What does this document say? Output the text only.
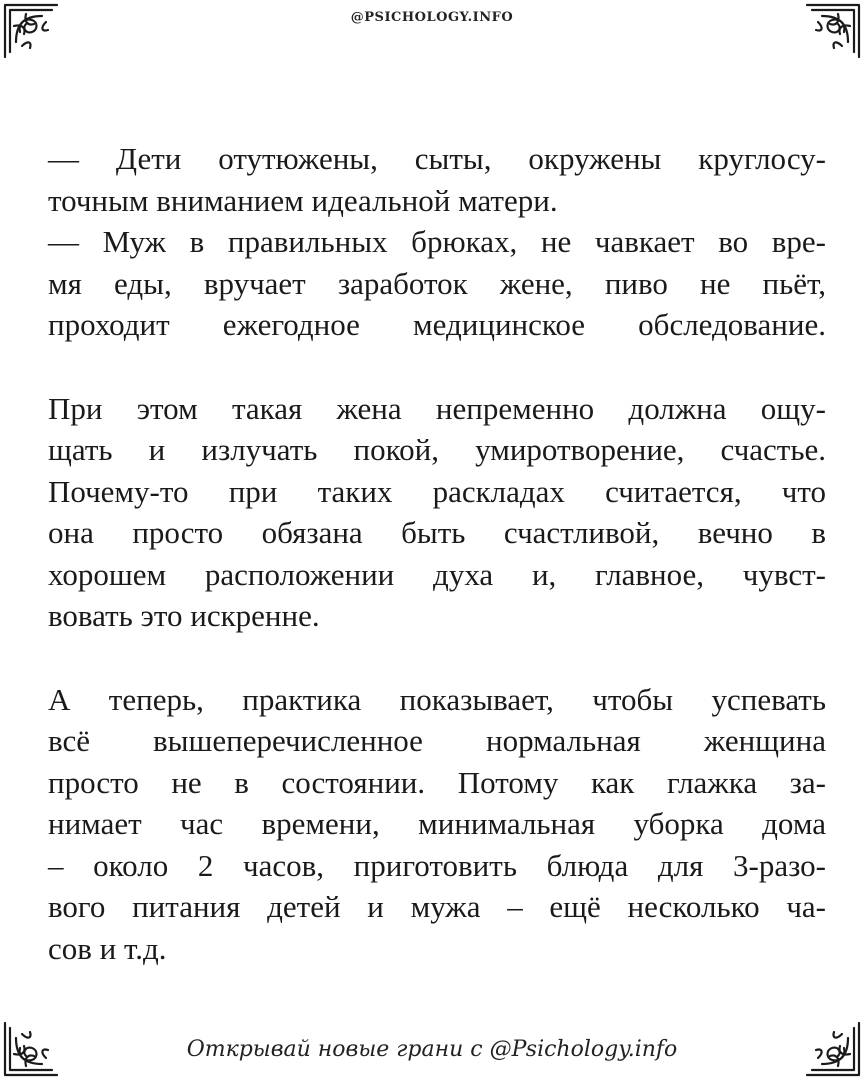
@PSICHOLOGY.INFO
— Дети отутюжены, сыты, окружены круглосу-
точным вниманием идеальной матери.
— Муж в правильных брюках, не чавкает во вре-
мя еды, вручает заработок жене, пиво не пьёт,
проходит ежегодное медицинское обследование.
При этом такая жена непременно должна ощу-
щать и излучать покой, умиротворение, счастье.
Почему-то при таких раскладах считается, что
она просто обязана быть счастливой, вечно в
хорошем расположении духа и, главное, чувст-
вовать это искренне.
А теперь, практика показывает, чтобы успевать
всё вышеперечисленное нормальная женщина
просто не в состоянии. Потому как глажка за-
нимает час времени, минимальная уборка дома
– около 2 часов, приготовить блюда для 3-разо-
вого питания детей и мужа – ещё несколько ча-
сов и т.д.
Открывай новые грани с @Psichology.info
